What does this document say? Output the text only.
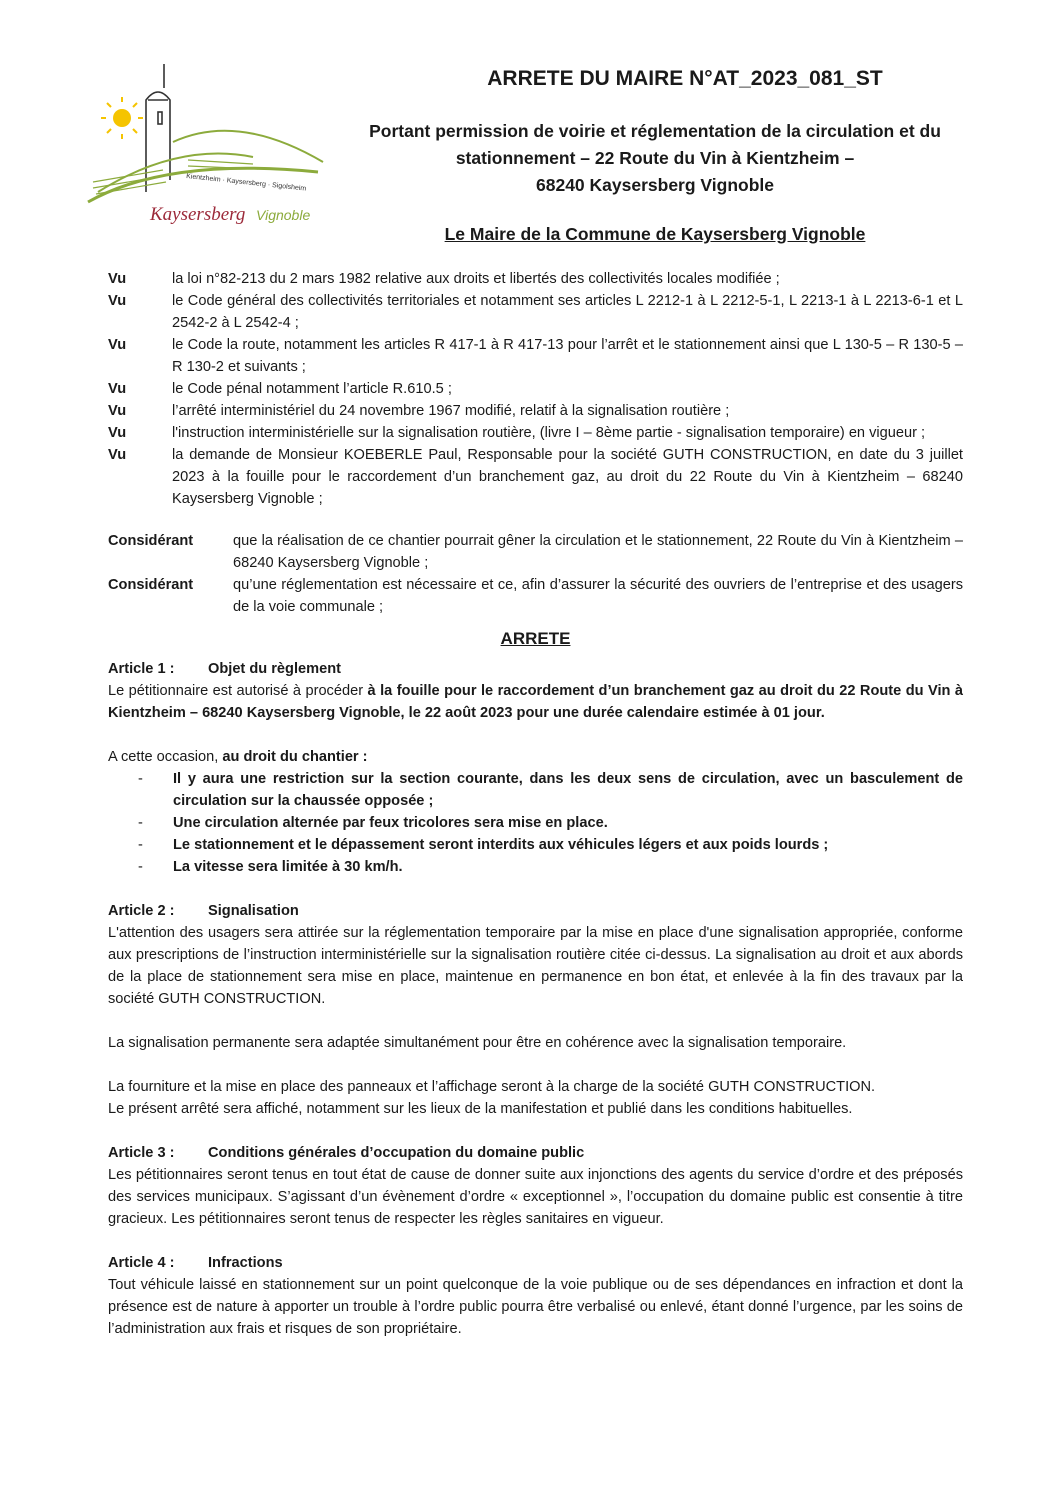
Kientzheim · Kaysersberg · Sigolsheim
Kaysersberg Vignoble
ARRETE DU MAIRE N°AT_2023_081_ST
Portant permission de voirie et réglementation de la circulation et du
stationnement – 22 Route du Vin à Kientzheim –
68240 Kaysersberg Vignoble
Le Maire de la Commune de Kaysersberg Vignoble
Vu	la loi n°82-213 du 2 mars 1982 relative aux droits et libertés des collectivités locales modifiée ;
Vu	le Code général des collectivités territoriales et notamment ses articles L 2212-1 à L 2212-5-1, L 2213-1 à L 2213-6-1 et L 2542-2 à L 2542-4 ;
Vu	le Code la route, notamment les articles R 417-1 à R 417-13 pour l’arrêt et le stationnement ainsi que L 130-5 – R 130-5 – R 130-2 et suivants ;
Vu	le Code pénal notamment l’article R.610.5 ;
Vu	l’arrêté interministériel du 24 novembre 1967 modifié, relatif à la signalisation routière ;
Vu	l'instruction interministérielle sur la signalisation routière, (livre I – 8ème partie - signalisation temporaire) en vigueur ;
Vu	la demande de Monsieur KOEBERLE Paul, Responsable pour la société GUTH CONSTRUCTION, en date du 3 juillet 2023 à la fouille pour le raccordement d’un branchement gaz, au droit du 22 Route du Vin à Kientzheim – 68240 Kaysersberg Vignoble ;
Considérant	que la réalisation de ce chantier pourrait gêner la circulation et le stationnement, 22 Route du Vin à Kientzheim – 68240 Kaysersberg Vignoble ;
Considérant	qu’une réglementation est nécessaire et ce, afin d’assurer la sécurité des ouvriers de l’entreprise et des usagers de la voie communale ;
ARRETE
Article 1 :	Objet du règlement

Le pétitionnaire est autorisé à procéder à la fouille pour le raccordement d’un branchement gaz au droit du 22 Route du Vin à Kientzheim – 68240 Kaysersberg Vignoble, le 22 août 2023 pour une durée calendaire estimée à 01 jour.

A cette occasion, au droit du chantier :

-	Il y aura une restriction sur la section courante, dans les deux sens de circulation, avec un basculement de circulation sur la chaussée opposée ;
-	Une circulation alternée par feux tricolores sera mise en place.
-	Le stationnement et le dépassement seront interdits aux véhicules légers et aux poids lourds ;
-	La vitesse sera limitée à 30 km/h.
Article 2 :	Signalisation

L'attention des usagers sera attirée sur la réglementation temporaire par la mise en place d'une signalisation appropriée, conforme aux prescriptions de l’instruction interministérielle sur la signalisation routière citée ci-dessus. La signalisation au droit et aux abords de la place de stationnement sera mise en place, maintenue en permanence en bon état, et enlevée à la fin des travaux par la société GUTH CONSTRUCTION.

La signalisation permanente sera adaptée simultanément pour être en cohérence avec la signalisation temporaire.

La fourniture et la mise en place des panneaux et l’affichage seront à la charge de la société GUTH CONSTRUCTION.

Le présent arrêté sera affiché, notamment sur les lieux de la manifestation et publié dans les conditions habituelles.

Article 3 :	Conditions générales d’occupation du domaine public

Les pétitionnaires seront tenus en tout état de cause de donner suite aux injonctions des agents du service d’ordre et des préposés des services municipaux. S’agissant d’un évènement d’ordre « exceptionnel », l’occupation du domaine public est consentie à titre gracieux. Les pétitionnaires seront tenus de respecter les règles sanitaires en vigueur.

Article 4 :	Infractions

Tout véhicule laissé en stationnement sur un point quelconque de la voie publique ou de ses dépendances en infraction et dont la présence est de nature à apporter un trouble à l’ordre public pourra être verbalisé ou enlevé, étant donné l’urgence, par les soins de l’administration aux frais et risques de son propriétaire.
